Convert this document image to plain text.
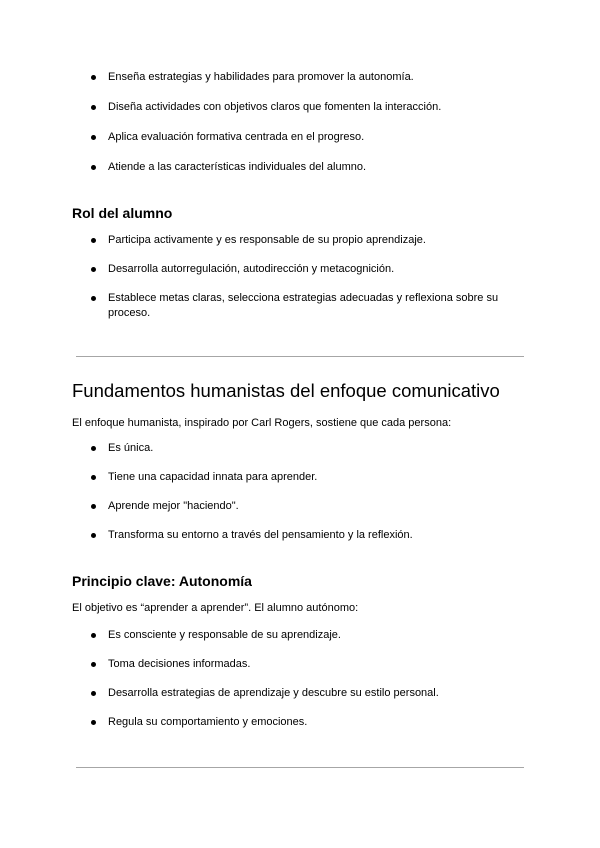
Enseña estrategias y habilidades para promover la autonomía.
Diseña actividades con objetivos claros que fomenten la interacción.
Aplica evaluación formativa centrada en el progreso.
Atiende a las características individuales del alumno.
Rol del alumno
Participa activamente y es responsable de su propio aprendizaje.
Desarrolla autorregulación, autodirección y metacognición.
Establece metas claras, selecciona estrategias adecuadas y reflexiona sobre su proceso.
Fundamentos humanistas del enfoque comunicativo

El enfoque humanista, inspirado por Carl Rogers, sostiene que cada persona:

Es única.
Tiene una capacidad innata para aprender.
Aprende mejor "haciendo".
Transforma su entorno a través del pensamiento y la reflexión.
Principio clave: Autonomía

El objetivo es “aprender a aprender”. El alumno autónomo:

Es consciente y responsable de su aprendizaje.
Toma decisiones informadas.
Desarrolla estrategias de aprendizaje y descubre su estilo personal.
Regula su comportamiento y emociones.
